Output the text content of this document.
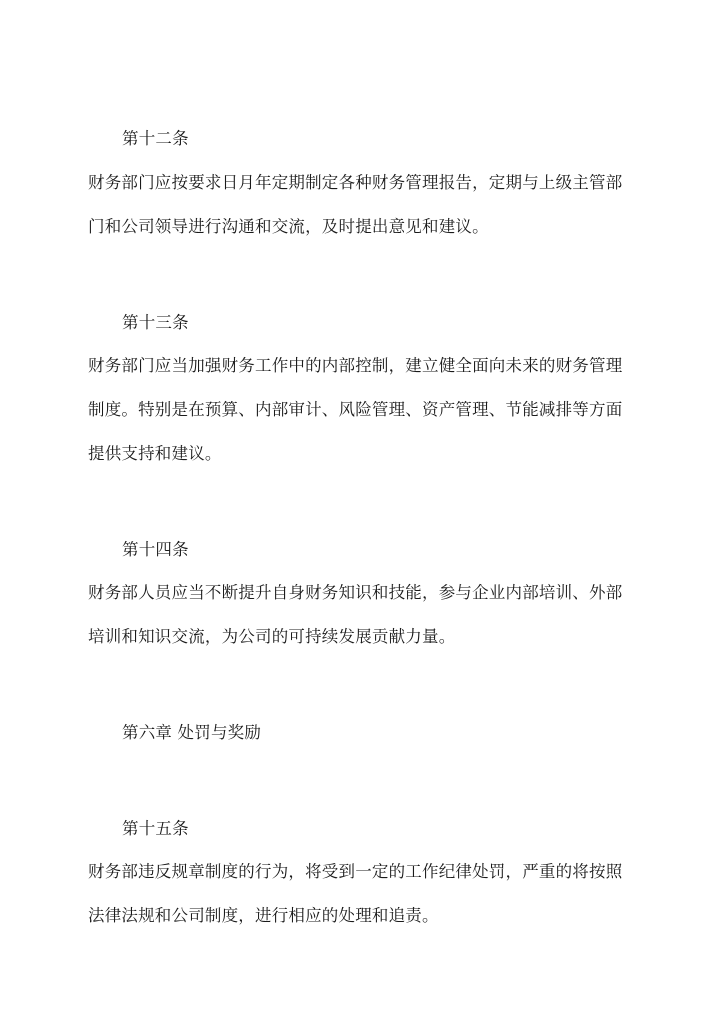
第十二条
财务部门应按要求日月年定期制定各种财务管理报告，定期与上级主管部
门和公司领导进行沟通和交流，及时提出意见和建议。
第十三条
财务部门应当加强财务工作中的内部控制，建立健全面向未来的财务管理
制度。特别是在预算、内部审计、风险管理、资产管理、节能减排等方面
提供支持和建议。
第十四条
财务部人员应当不断提升自身财务知识和技能，参与企业内部培训、外部
培训和知识交流，为公司的可持续发展贡献力量。
第六章 处罚与奖励
第十五条
财务部违反规章制度的行为，将受到一定的工作纪律处罚，严重的将按照
法律法规和公司制度，进行相应的处理和追责。
